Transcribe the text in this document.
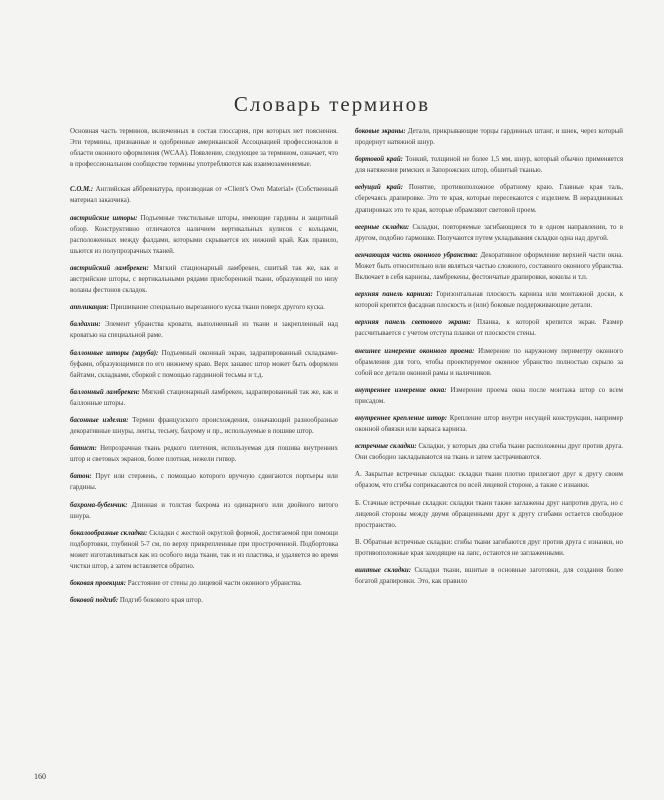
Словарь терминов

Основная часть терминов, включенных в состав глоссария, при которых нет пояснения. Эти термины, признанные и одобренные американской Ассоциацией профессионалов в области оконного оформления (WCAA). Появление, следующее за термином, означает, что в профессиональном сообществе термины употребляются как взаимозаменяемые.

C.O.M.: Английская аббревиатура, производная от «Client's Own Material» (Собственный материал заказчика).

австрийские шторы: Подъемные текстильные шторы, имеющие гардины и защитный обзор. Конструктивно отличаются наличием вертикальных кулисок с кольцами, расположенных между фалдами, которыми скрывается их нижний край. Как правило, шьются из полупрозрачных тканей.

австрийский ламбрекен: Мягкий стационарный ламбрекен, сшитый так же, как и австрийские шторы, с вертикальными рядами присборенной ткани, образующей по низу воланы фестонов складок.

аппликация: Пришивание специально вырезанного куска ткани поверх другого куска.

балдахин: Элемент убранства кровати, выполненный из ткани и закрепленный над кроватью на специальной раме.

баллонные шторы (заруба): Подъемный оконный экран, задрапированный складками-буфами, образующимися по его нижнему краю. Верх занавес штор может быть оформлен байтами, складками, сборкой с помощью гардинной тесьмы и т.д.

баллонный ламбрекен: Мягкий стационарный ламбрекен, задрапированный так же, как и баллонные шторы.

басонные изделия: Термин французского происхождения, означающий разнообразные декоративные шнуры, ленты, тесьму, бахрому и пр., используемые в пошиве штор.

батист: Непрозрачная ткань редкого плетения, используемая для пошива внутренних штор и световых экранов, более плотная, нежели гипюр.

батон: Прут или стержень, с помощью которого вручную сдвигаются портьеры или гардины.

бахрома-бубенчик: Длинная и толстая бахрома из одинарного или двойного витого шнура.

бокалообразные складки: Складки с жесткой округлой формой, достигаемой при помощи подбортовки, глубиной 5-7 см, по верху прикрепленные при простроченной. Подбортовка может изготавливаться как из особого вида ткани, так и из пластика, и удаляется во время чистки штор, а затем вставляется обратно.

боковая проекция: Расстояние от стены до лицевой части оконного убранства.

боковой подгиб: Подгиб бокового края штор.

боковые экраны: Детали, прикрывающие торцы гардинных штанг, и шнек, через который продернут натяжной шнур.

бортовой край: Тонкий, толщиной не более 1,5 мм, шнур, который обычно применяется для натяжения римских и Запорожских штор, обшитый тканью.

ведущий край: Понятие, противоположное обратному краю. Главные края таль, сберечаясь драпировке. Это те края, которые пересекаются с изделием. В нераздвижных драпировках это те края, которые обрамляют световой проем.

веерные складки: Складки, повторяемые загибающиеся то в одном направлении, то в другом, подобно гармошке. Получаются путем укладывания складки одна над другой.

венчающая часть оконного убранства: Декоративное оформление верхней части окна. Может быть относительно или являться частью сложного, составного оконного убранства. Включает в себя карнизы, ламбрекены, фестончатые драпировки, кокилы и т.п.

верхняя панель карниза: Горизонтальная плоскость карниза или монтажной доски, к которой крепятся фасадная плоскость и (или) боковые поддерживающие детали.

верхняя панель светового экрана: Планка, к которой крепится экран. Размер рассчитывается с учетом отступа планки от плоскости стены.

внешнее измерение оконного проема: Измерение по наружному периметру оконного обрамления для того, чтобы проектируемое оконное убранство полностью скрыло за собой все детали оконной рамы и наличников.

внутреннее измерение окна: Измерение проема окна после монтажа штор со всем присадом.

внутреннее крепление штор: Крепление штор внутри несущей конструкции, например оконной обвязки или каркаса карниза.

встречные складки: Складки, у которых два сгиба ткани расположены друг против друга. Они свободно закладываются на ткань и затем застрачиваются.

А. Закрытые встречные складки: складки ткани плотно прилегают друг к другу своим образом, что сгибы соприкасаются по всей лицевой стороне, а также с изнанки.

Б. Стачные встречные складки: складки ткани также заглажены друг напротив друга, но с лицевой стороны между двумя обращенными друг к другу сгибами остается свободное пространство.

В. Обратные встречные складки: сгибы ткани загибаются друг против друга с изнанки, но противоположные края заходящие на лапс, остаются не заглаженными.

вшитые складки: Складки ткани, вшитые в основные заготовки, для создания более богатой драпировки. Это, как правило

160
